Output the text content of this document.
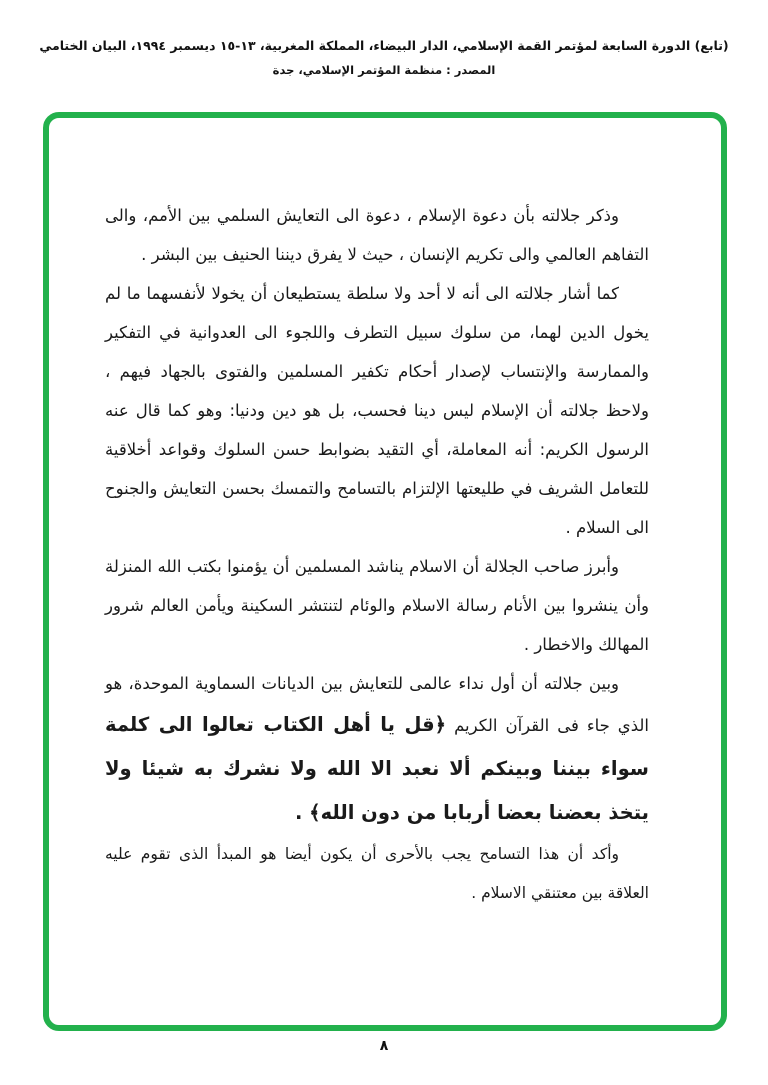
(تابع) الدورة السابعة لمؤتمر القمة الإسلامي، الدار البيضاء، المملكة المغربية، ١٣-١٥ ديسمبر ١٩٩٤، البيان الختامي
المصدر : منظمة المؤتمر الإسلامي، جدة

وذكر جلالته بأن دعوة الإسلام ، دعوة الى التعايش السلمي بين الأمم، والى التفاهم العالمي والى تكريم الإنسان ، حيث لا يفرق ديننا الحنيف بين البشر .

كما أشار جلالته الى أنه لا أحد ولا سلطة يستطيعان أن يخولا لأنفسهما ما لم يخول الدين لهما، من سلوك سبيل التطرف واللجوء الى العدوانية في التفكير والممارسة والإنتساب لإصدار أحكام تكفير المسلمين والفتوى بالجهاد فيهم ، ولاحظ جلالته أن الإسلام ليس دينا فحسب، بل هو دين ودنيا: وهو كما قال عنه الرسول الكريم: أنه المعاملة، أي التقيد بضوابط حسن السلوك وقواعد أخلاقية للتعامل الشريف في طليعتها الإلتزام بالتسامح والتمسك بحسن التعايش والجنوح الى السلام .

وأبرز صاحب الجلالة أن الاسلام يناشد المسلمين أن يؤمنوا بكتب الله المنزلة وأن ينشروا بين الأنام رسالة الاسلام والوئام لتنتشر السكينة ويأمن العالم شرور المهالك والاخطار .

وبين جلالته أن أول نداء عالمى للتعايش بين الديانات السماوية الموحدة، هو الذي جاء فى القرآن الكريم ﴿قل يا أهل الكتاب تعالوا الى كلمة سواء بيننا وبينكم ألا نعبد الا الله ولا نشرك به شيئا ولا يتخذ بعضنا بعضا أربابا من دون الله﴾ .

وأكد أن هذا التسامح يجب بالأحرى أن يكون أيضا هو المبدأ الذى تقوم عليه العلاقة بين معتنقي الاسلام .

٨
